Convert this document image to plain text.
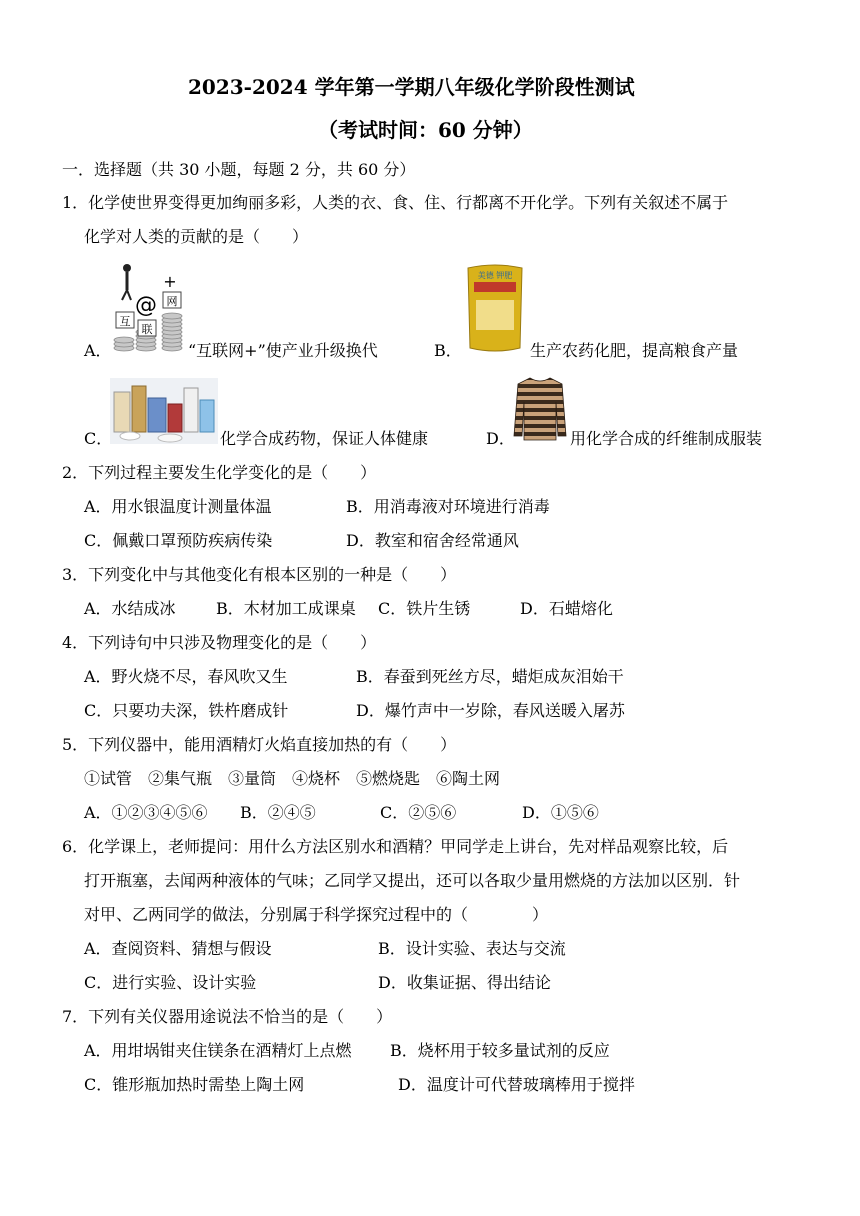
2023-2024 学年第一学期八年级化学阶段性测试
（考试时间：60 分钟）
一．选择题（共 30 小题，每题 2 分，共 60 分）
1．化学使世界变得更加绚丽多彩，人类的衣、食、住、行都离不开化学。下列有关叙述不属于
化学对人类的贡献的是（　　）
互
联
网
@
+
A．	“互联网+”使产业升级换代
美德 钾肥
B．	生产农药化肥，提高粮食产量
C．	化学合成药物，保证人体健康	D．	用化学合成的纤维制成服装
2．下列过程主要发生化学变化的是（　　）
A．用水银温度计测量体温	B．用消毒液对环境进行消毒
C．佩戴口罩预防疾病传染	D．教室和宿舍经常通风
3．下列变化中与其他变化有根本区别的一种是（　　）
A．水结成冰	B．木材加工成课桌 C．铁片生锈	D．石蜡熔化
4．下列诗句中只涉及物理变化的是（　　）
A．野火烧不尽，春风吹又生	B．春蚕到死丝方尽，蜡炬成灰泪始干
C．只要功夫深，铁杵磨成针	D．爆竹声中一岁除，春风送暖入屠苏
5．下列仪器中，能用酒精灯火焰直接加热的有（　　）
①试管　②集气瓶　③量筒　④烧杯　⑤燃烧匙　⑥陶土网
A．①②③④⑤⑥ B．②④⑤	C．②⑤⑥	D．①⑤⑥
6．化学课上，老师提问：用什么方法区别水和酒精？甲同学走上讲台，先对样品观察比较，后
打开瓶塞，去闻两种液体的气味；乙同学又提出，还可以各取少量用燃烧的方法加以区别．针
对甲、乙两同学的做法，分别属于科学探究过程中的（　　　　）
A．查阅资料、猜想与假设	B．设计实验、表达与交流
C．进行实验、设计实验	D．收集证据、得出结论
7．下列有关仪器用途说法不恰当的是（　　）
A．用坩埚钳夹住镁条在酒精灯上点燃 B．烧杯用于较多量试剂的反应
C．锥形瓶加热时需垫上陶土网	D．温度计可代替玻璃棒用于搅拌
